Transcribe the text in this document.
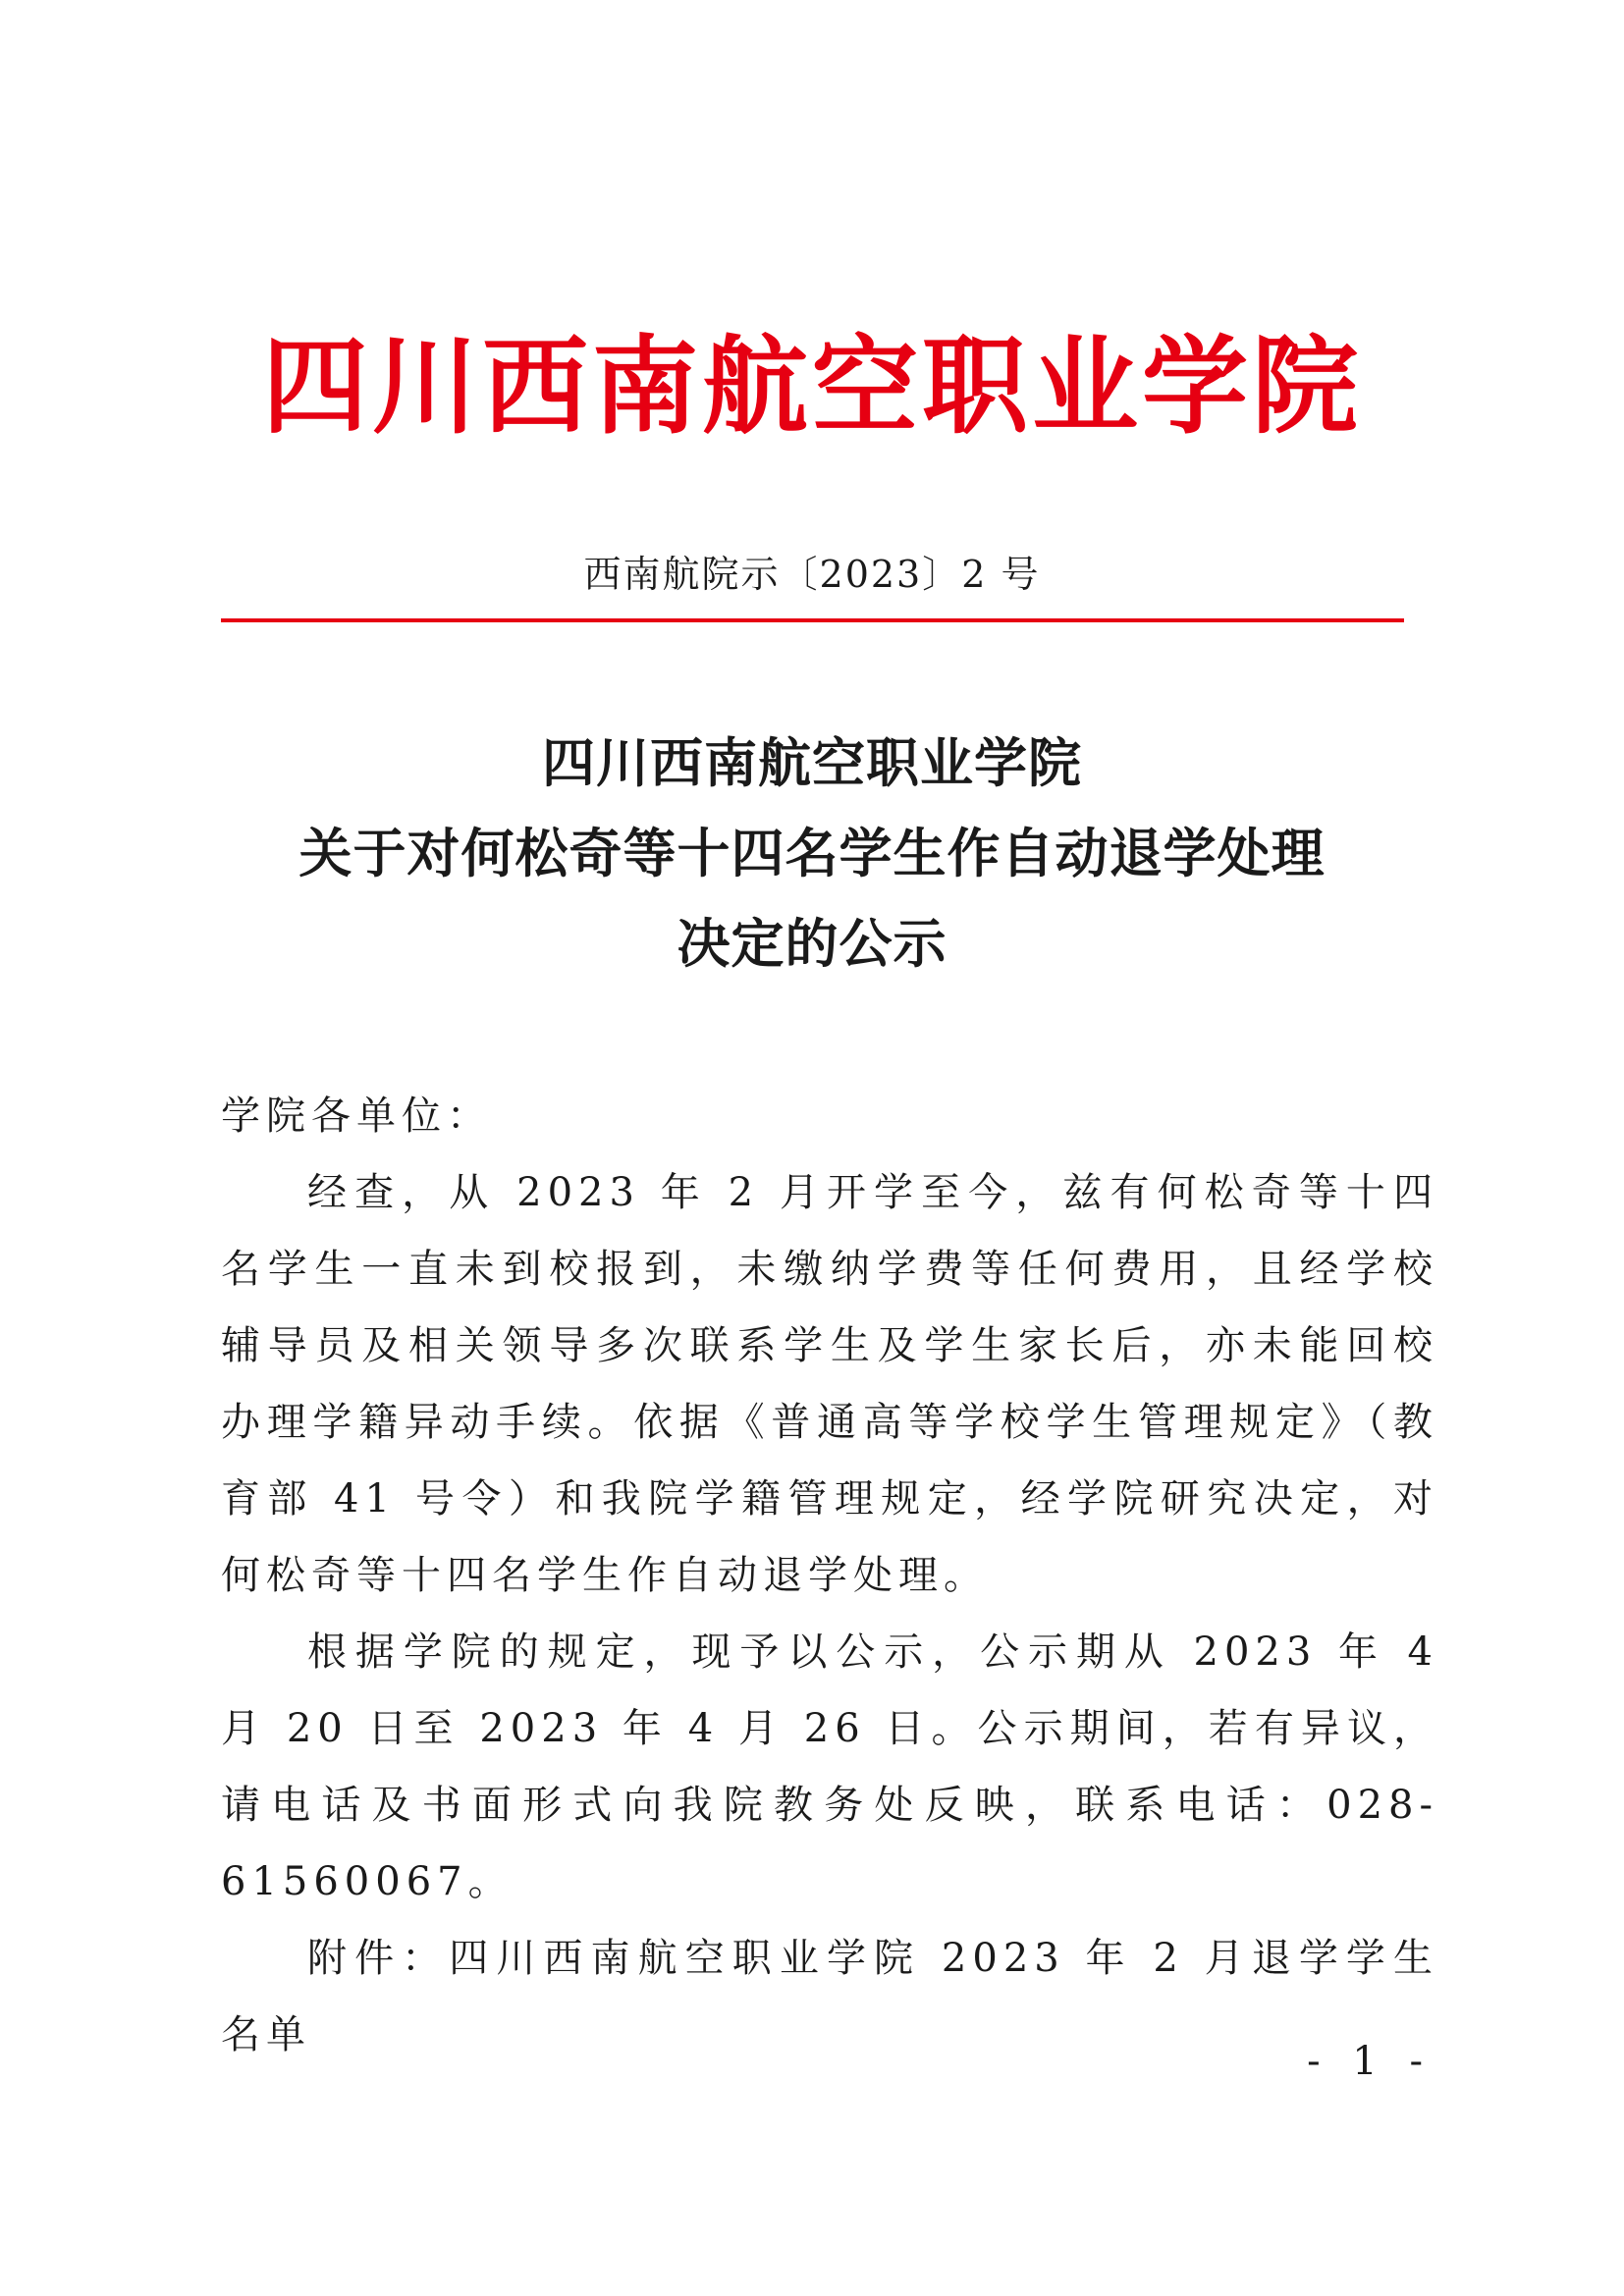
四川西南航空职业学院
西南航院示〔2023〕2 号
四川西南航空职业学院
关于对何松奇等十四名学生作自动退学处理
决定的公示
学院各单位：
经查，从 2023 年 2 月开学至今，兹有何松奇等十四名学生一直未到校报到，未缴纳学费等任何费用，且经学校辅导员及相关领导多次联系学生及学生家长后，亦未能回校办理学籍异动手续。依据《普通高等学校学生管理规定》（教育部 41 号令）和我院学籍管理规定，经学院研究决定，对何松奇等十四名学生作自动退学处理。
根据学院的规定，现予以公示，公示期从 2023 年 4 月 20 日至 2023 年 4 月 26 日。公示期间，若有异议，请电话及书面形式向我院教务处反映，联系电话：028-61560067。
附件：四川西南航空职业学院 2023 年 2 月退学学生名单
- 1 -
